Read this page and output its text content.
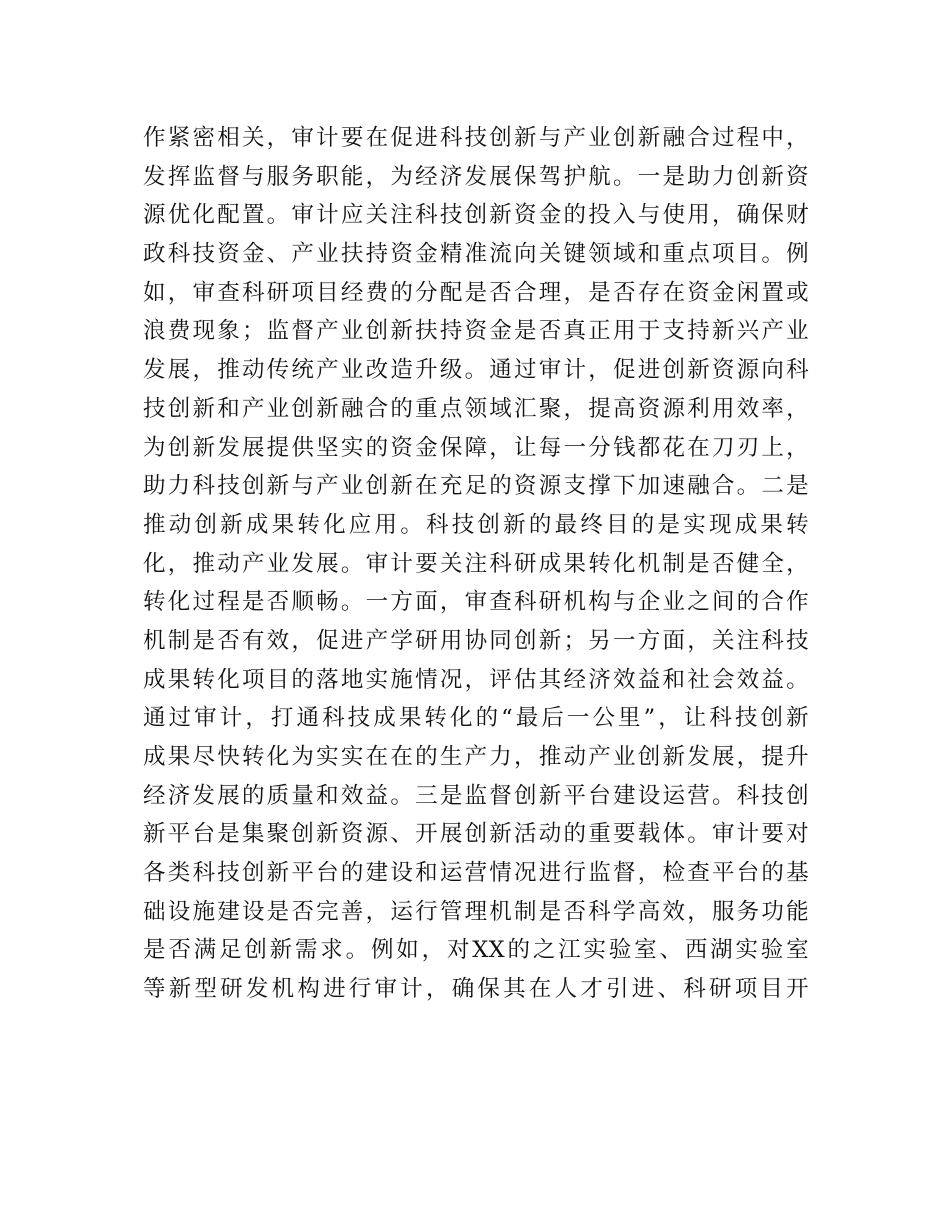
作紧密相关，审计要在促进科技创新与产业创新融合过程中，
发挥监督与服务职能，为经济发展保驾护航。一是助力创新资
源优化配置。审计应关注科技创新资金的投入与使用，确保财
政科技资金、产业扶持资金精准流向关键领域和重点项目。例
如，审查科研项目经费的分配是否合理，是否存在资金闲置或
浪费现象；监督产业创新扶持资金是否真正用于支持新兴产业
发展，推动传统产业改造升级。通过审计，促进创新资源向科
技创新和产业创新融合的重点领域汇聚，提高资源利用效率，
为创新发展提供坚实的资金保障，让每一分钱都花在刀刃上，
助力科技创新与产业创新在充足的资源支撑下加速融合。二是
推动创新成果转化应用。科技创新的最终目的是实现成果转
化，推动产业发展。审计要关注科研成果转化机制是否健全，
转化过程是否顺畅。一方面，审查科研机构与企业之间的合作
机制是否有效，促进产学研用协同创新；另一方面，关注科技
成果转化项目的落地实施情况，评估其经济效益和社会效益。
通过审计，打通科技成果转化的“最后一公里”，让科技创新
成果尽快转化为实实在在的生产力，推动产业创新发展，提升
经济发展的质量和效益。三是监督创新平台建设运营。科技创
新平台是集聚创新资源、开展创新活动的重要载体。审计要对
各类科技创新平台的建设和运营情况进行监督，检查平台的基
础设施建设是否完善，运行管理机制是否科学高效，服务功能
是否满足创新需求。例如，对XX的之江实验室、西湖实验室
等新型研发机构进行审计，确保其在人才引进、科研项目开
